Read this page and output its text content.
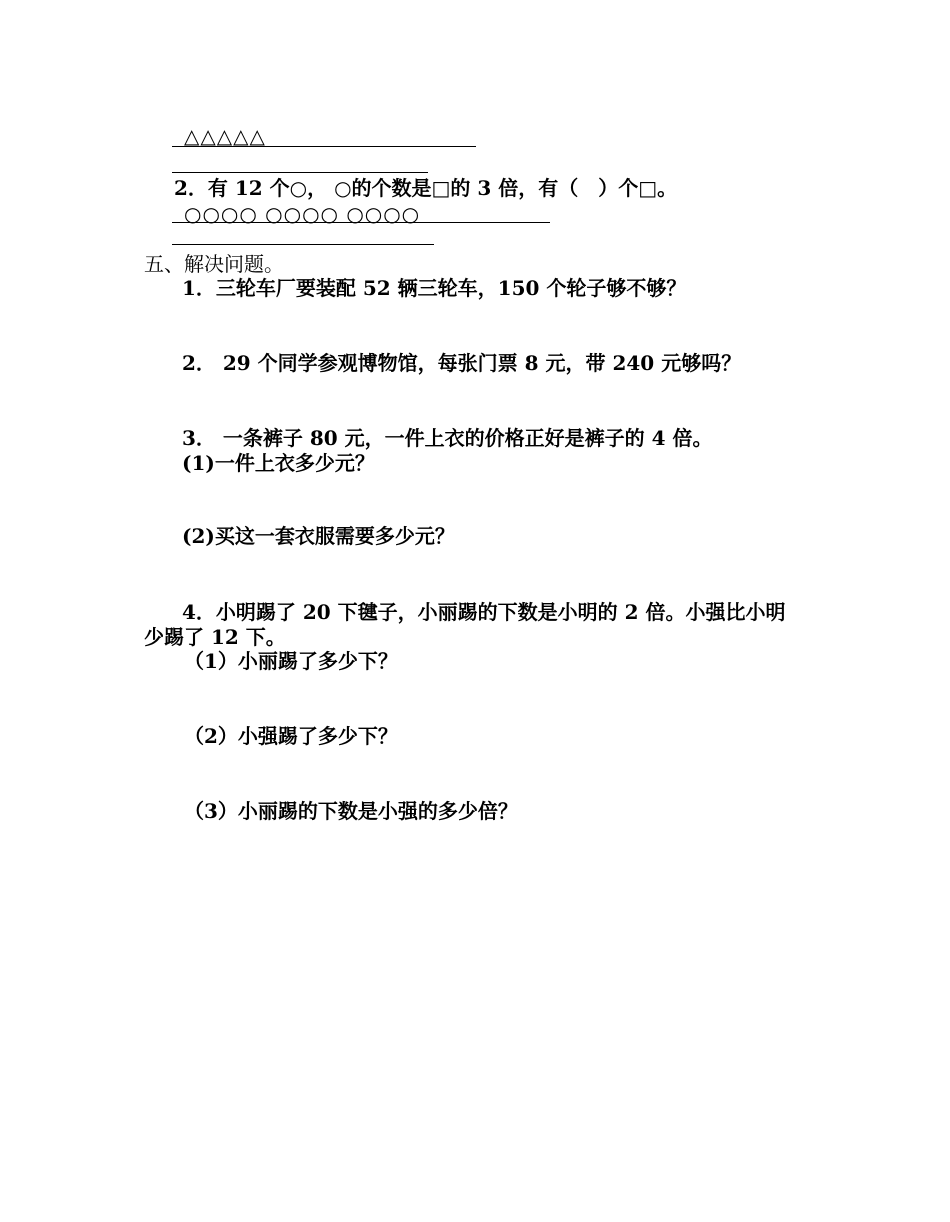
△△△△△
2．有 12 个○， ○的个数是□的 3 倍，有（　）个□。
○○○○ ○○○○ ○○○○
五、解决问题。
1．三轮车厂要装配 52 辆三轮车，150 个轮子够不够？
2． 29 个同学参观博物馆，每张门票 8 元，带 240 元够吗？
3． 一条裤子 80 元，一件上衣的价格正好是裤子的 4 倍。
(1)一件上衣多少元？
(2)买这一套衣服需要多少元？
4．小明踢了 20 下毽子，小丽踢的下数是小明的 2 倍。小强比小明
少踢了 12 下。
（1）小丽踢了多少下？
（2）小强踢了多少下？
（3）小丽踢的下数是小强的多少倍？
